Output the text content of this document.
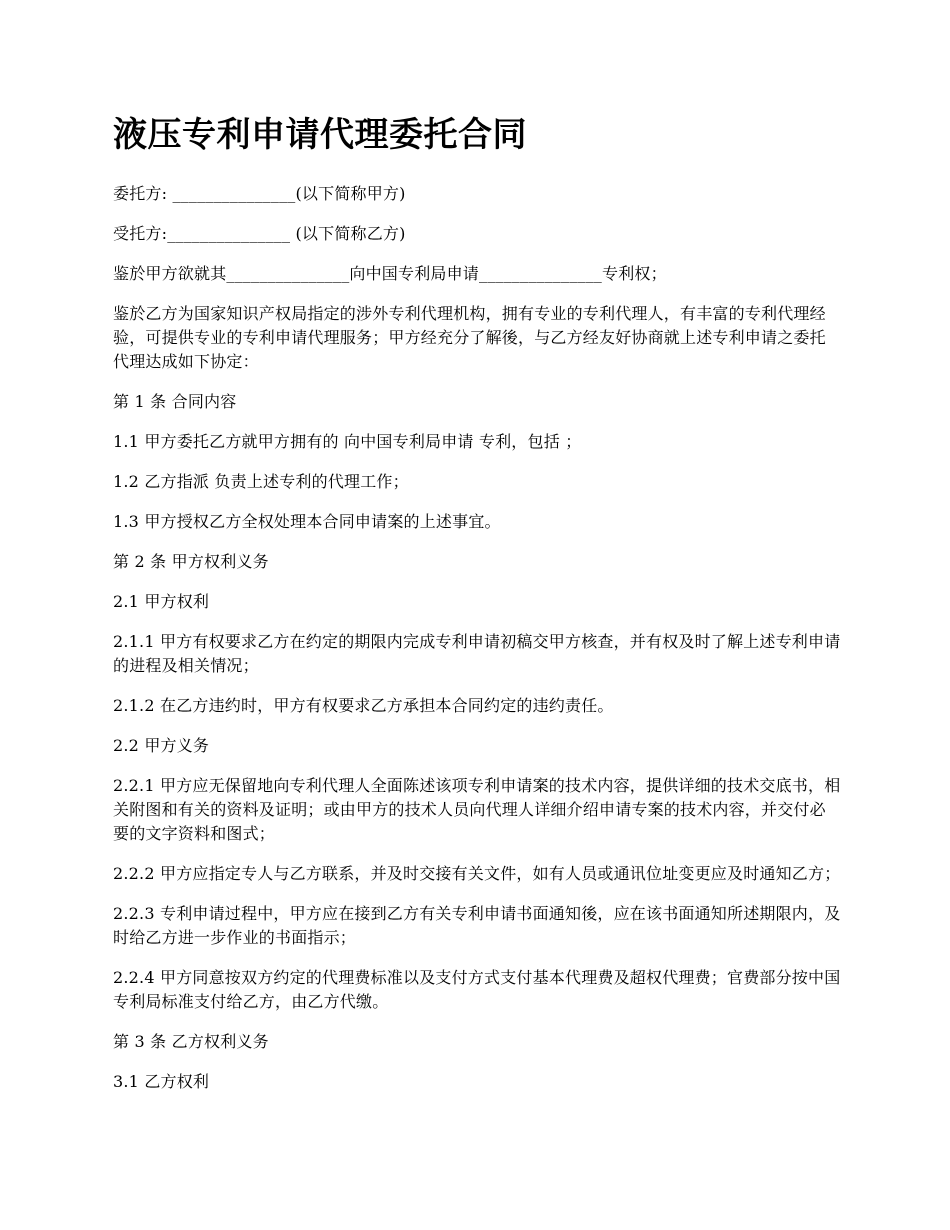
液压专利申请代理委托合同

委托方: _______________(以下简称甲方)

受托方:_______________ (以下简称乙方)

鉴於甲方欲就其_______________向中国专利局申请_______________专利权；

鉴於乙方为国家知识产权局指定的涉外专利代理机构，拥有专业的专利代理人，有丰富的专利代理经验，可提供专业的专利申请代理服务；甲方经充分了解後，与乙方经友好协商就上述专利申请之委托代理达成如下协定：

第 1 条 合同内容

1.1 甲方委托乙方就甲方拥有的 向中国专利局申请 专利，包括 ；

1.2 乙方指派 负责上述专利的代理工作；

1.3 甲方授权乙方全权处理本合同申请案的上述事宜。

第 2 条 甲方权利义务

2.1 甲方权利

2.1.1 甲方有权要求乙方在约定的期限内完成专利申请初稿交甲方核查，并有权及时了解上述专利申请的进程及相关情况；

2.1.2 在乙方违约时，甲方有权要求乙方承担本合同约定的违约责任。

2.2 甲方义务

2.2.1 甲方应无保留地向专利代理人全面陈述该项专利申请案的技术内容，提供详细的技术交底书，相关附图和有关的资料及证明；或由甲方的技术人员向代理人详细介绍申请专案的技术内容，并交付必要的文字资料和图式；

2.2.2 甲方应指定专人与乙方联系，并及时交接有关文件，如有人员或通讯位址变更应及时通知乙方；

2.2.3 专利申请过程中，甲方应在接到乙方有关专利申请书面通知後，应在该书面通知所述期限内，及时给乙方进一步作业的书面指示；

2.2.4 甲方同意按双方约定的代理费标准以及支付方式支付基本代理费及超权代理费；官费部分按中国专利局标准支付给乙方，由乙方代缴。

第 3 条 乙方权利义务

3.1 乙方权利
